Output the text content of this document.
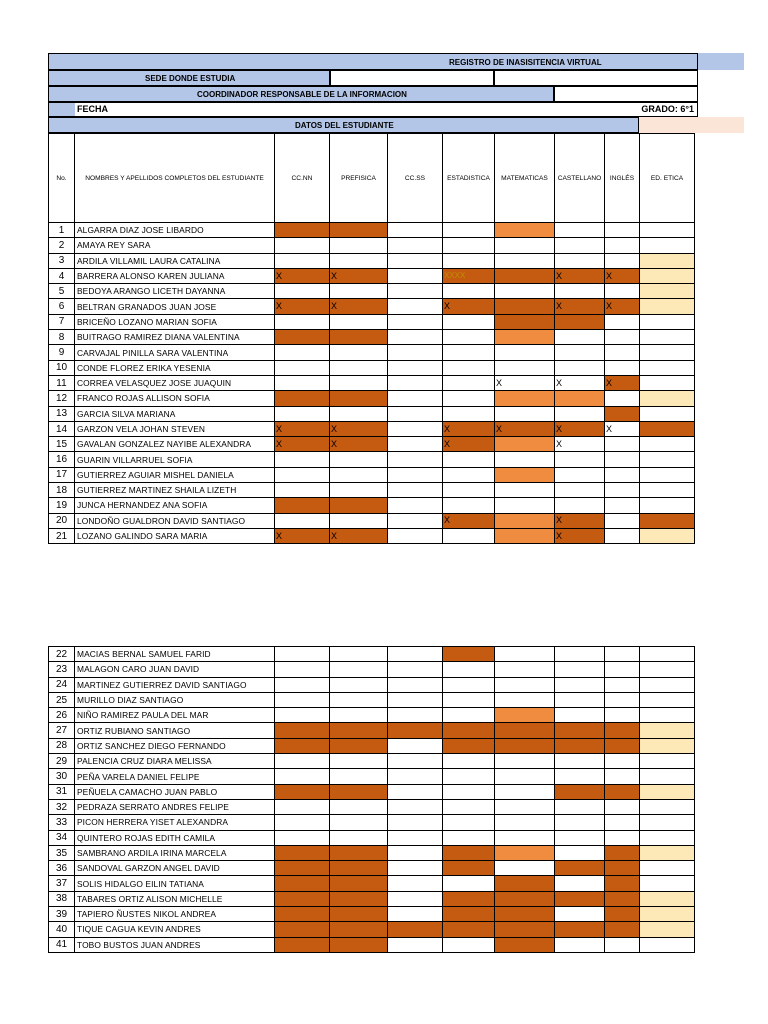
REGISTRO DE INASISITENCIA VIRTUAL
SEDE DONDE ESTUDIA
COORDINADOR RESPONSABLE DE LA INFORMACION
FECHA	GRADO: 6°1
DATOS DEL ESTUDIANTE
No.	NOMBRES Y APELLIDOS COMPLETOS DEL ESTUDIANTE	CC.NN	PREFISICA	CC.SS	ESTADISTICA	MATEMATICAS	CASTELLANO	INGLÉS	ED. ETICA
1	ALGARRA DIAZ JOSE LIBARDO								
2	AMAYA REY SARA								
3	ARDILA VILLAMIL LAURA CATALINA								
4	BARRERA ALONSO KAREN JULIANA	X	X		XXXX		X	X	
5	BEDOYA ARANGO LICETH DAYANNA								
6	BELTRAN GRANADOS JUAN JOSE	X	X		X		X	X	
7	BRICEÑO LOZANO MARIAN SOFIA								
8	BUITRAGO RAMIREZ DIANA VALENTINA								
9	CARVAJAL PINILLA SARA VALENTINA								
10	CONDE FLOREZ ERIKA YESENIA								
11	CORREA VELASQUEZ JOSE JUAQUIN					X	X	X	
12	FRANCO ROJAS ALLISON SOFIA								
13	GARCIA SILVA MARIANA								
14	GARZON VELA JOHAN STEVEN	X	X		X	X	X	X	
15	GAVALAN GONZALEZ NAYIBE ALEXANDRA	X	X		X		X		
16	GUARIN VILLARRUEL SOFIA								
17	GUTIERREZ AGUIAR MISHEL DANIELA								
18	GUTIERREZ MARTINEZ SHAILA LIZETH								
19	JUNCA HERNANDEZ ANA SOFIA								
20	LONDOÑO GUALDRON DAVID SANTIAGO				X		X		
21	LOZANO GALINDO SARA MARIA	X	X				X		
22	MACIAS BERNAL SAMUEL FARID								
23	MALAGON CARO JUAN DAVID								
24	MARTINEZ GUTIERREZ DAVID SANTIAGO								
25	MURILLO DIAZ SANTIAGO								
26	NIÑO RAMIREZ PAULA DEL MAR								
27	ORTIZ RUBIANO SANTIAGO								
28	ORTIZ SANCHEZ DIEGO FERNANDO								
29	PALENCIA CRUZ DIARA MELISSA								
30	PEÑA VARELA DANIEL FELIPE								
31	PEÑUELA CAMACHO JUAN PABLO								
32	PEDRAZA SERRATO ANDRES FELIPE								
33	PICON HERRERA YISET ALEXANDRA								
34	QUINTERO ROJAS EDITH CAMILA								
35	SAMBRANO ARDILA IRINA MARCELA								
36	SANDOVAL GARZON ANGEL DAVID								
37	SOLIS HIDALGO EILIN TATIANA								
38	TABARES ORTIZ ALISON MICHELLE								
39	TAPIERO ÑUSTES NIKOL ANDREA								
40	TIQUE CAGUA KEVIN ANDRES								
41	TOBO BUSTOS JUAN ANDRES								
